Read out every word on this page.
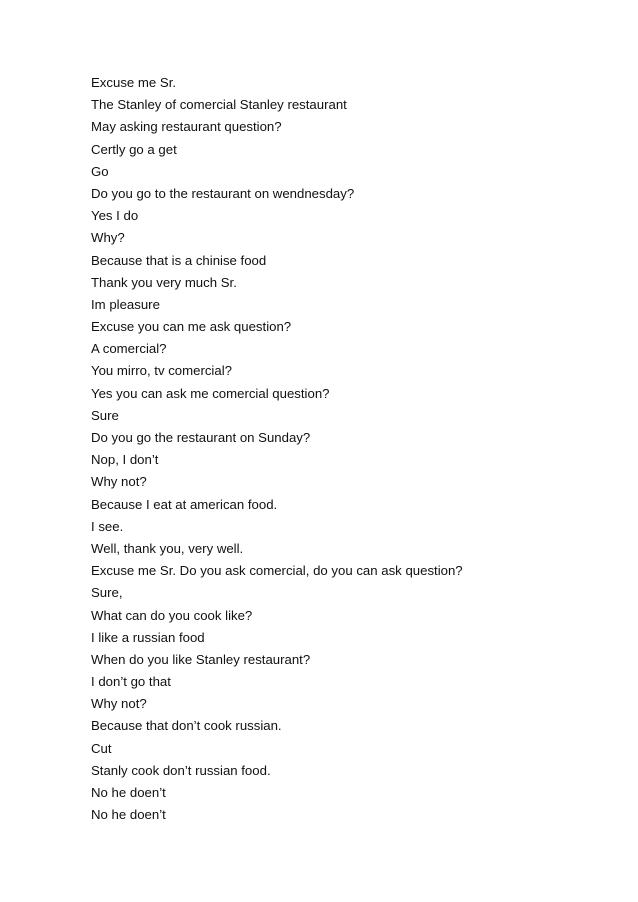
Excuse me Sr.
The Stanley of comercial Stanley restaurant
May asking restaurant question?
Certly go a get
Go
Do you go to the restaurant on wendnesday?
Yes I do
Why?
Because that is a chinise food
Thank you very much Sr.
Im pleasure
Excuse you can me ask question?
A comercial?
You mirro, tv comercial?
Yes you can ask me comercial question?
Sure
Do you go the restaurant on Sunday?
Nop, I don’t
Why not?
Because I eat at american food.
I see.
Well, thank you, very well.
Excuse me Sr. Do you ask comercial, do you can ask question?
Sure,
What can do you cook like?
I like a russian food
When do you like Stanley restaurant?
I don’t go that
Why not?
Because that don’t cook russian.
Cut
Stanly cook don’t russian food.
No he doen’t
No he doen’t
